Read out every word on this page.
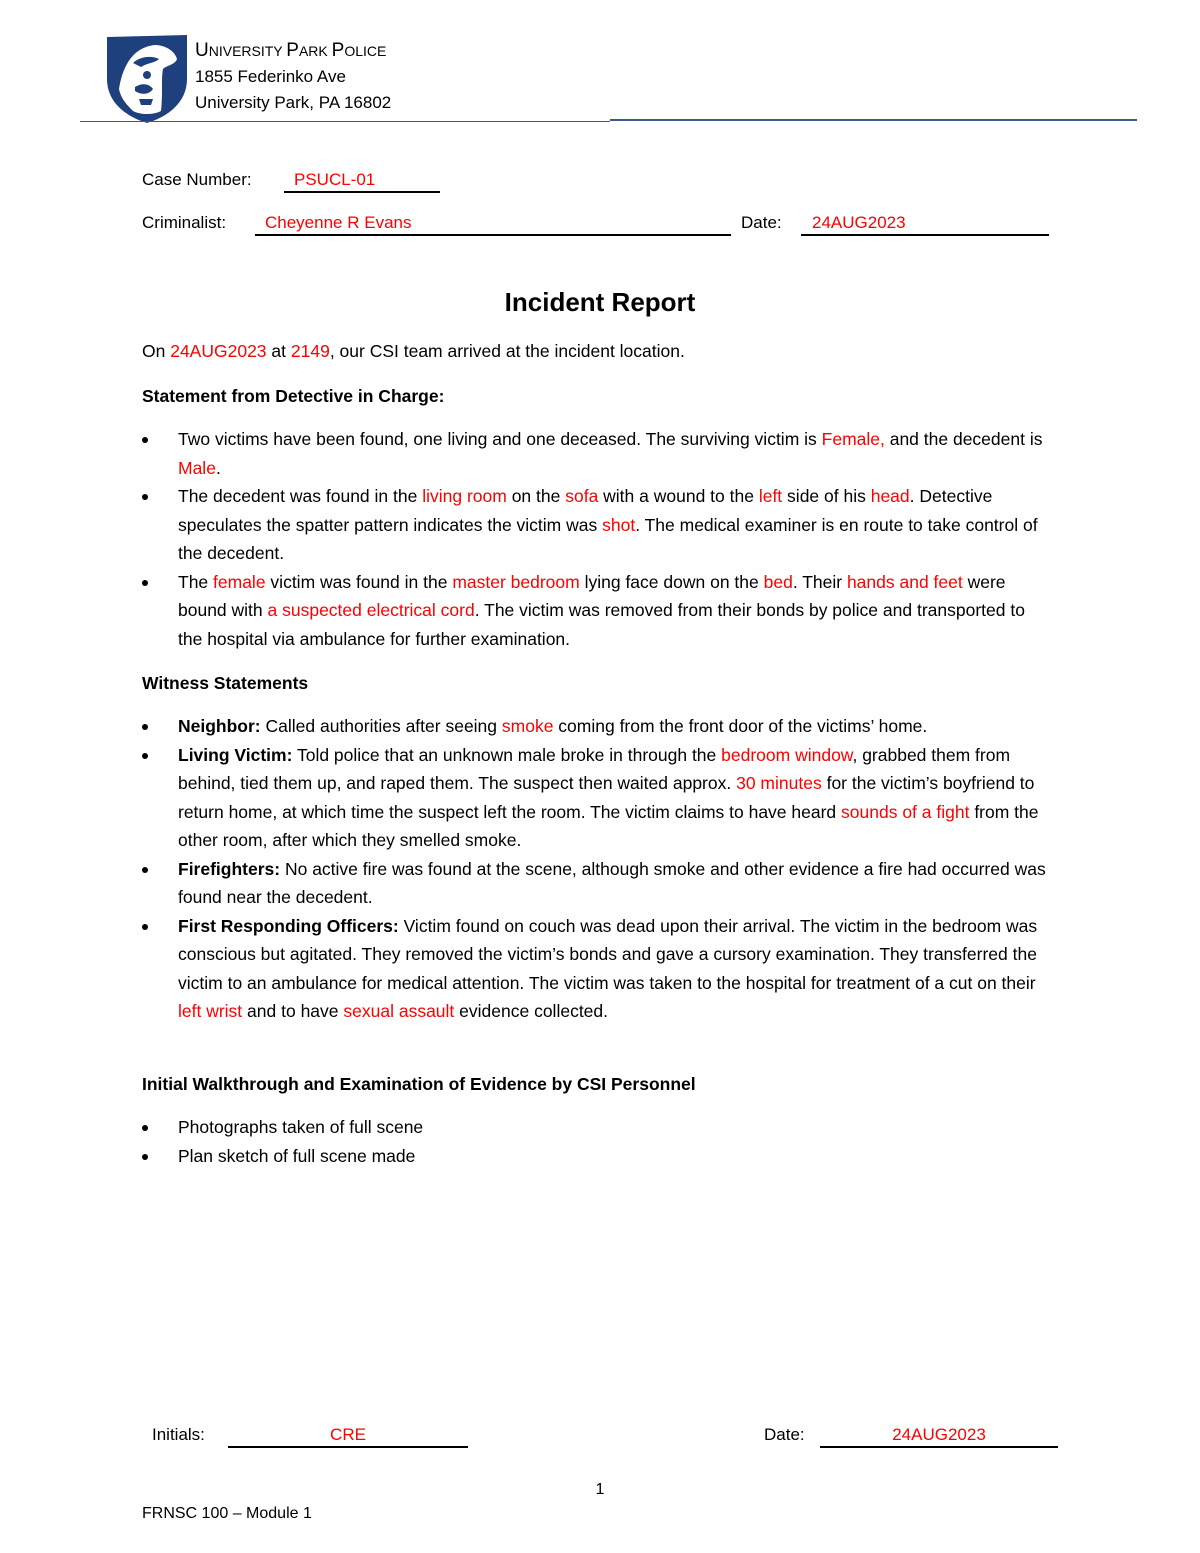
UNIVERSITY PARK POLICE
1855 Federinko Ave
University Park, PA 16802
Case Number: PSUCL-01
Criminalist: Cheyenne R Evans	Date: 24AUG2023
Incident Report
On 24AUG2023 at 2149, our CSI team arrived at the incident location.
Statement from Detective in Charge:
Two victims have been found, one living and one deceased. The surviving victim is Female, and the decedent is Male.
The decedent was found in the living room on the sofa with a wound to the left side of his head. Detective speculates the spatter pattern indicates the victim was shot. The medical examiner is en route to take control of the decedent.
The female victim was found in the master bedroom lying face down on the bed. Their hands and feet were bound with a suspected electrical cord. The victim was removed from their bonds by police and transported to the hospital via ambulance for further examination.
Witness Statements
Neighbor: Called authorities after seeing smoke coming from the front door of the victims’ home.
Living Victim: Told police that an unknown male broke in through the bedroom window, grabbed them from behind, tied them up, and raped them. The suspect then waited approx. 30 minutes for the victim’s boyfriend to return home, at which time the suspect left the room. The victim claims to have heard sounds of a fight from the other room, after which they smelled smoke.
Firefighters: No active fire was found at the scene, although smoke and other evidence a fire had occurred was found near the decedent.
First Responding Officers: Victim found on couch was dead upon their arrival. The victim in the bedroom was conscious but agitated. They removed the victim’s bonds and gave a cursory examination. They transferred the victim to an ambulance for medical attention. The victim was taken to the hospital for treatment of a cut on their left wrist and to have sexual assault evidence collected.
Initial Walkthrough and Examination of Evidence by CSI Personnel
Photographs taken of full scene
Plan sketch of full scene made
Initials:	CRE	Date:	24AUG2023
1
FRNSC 100 – Module 1
